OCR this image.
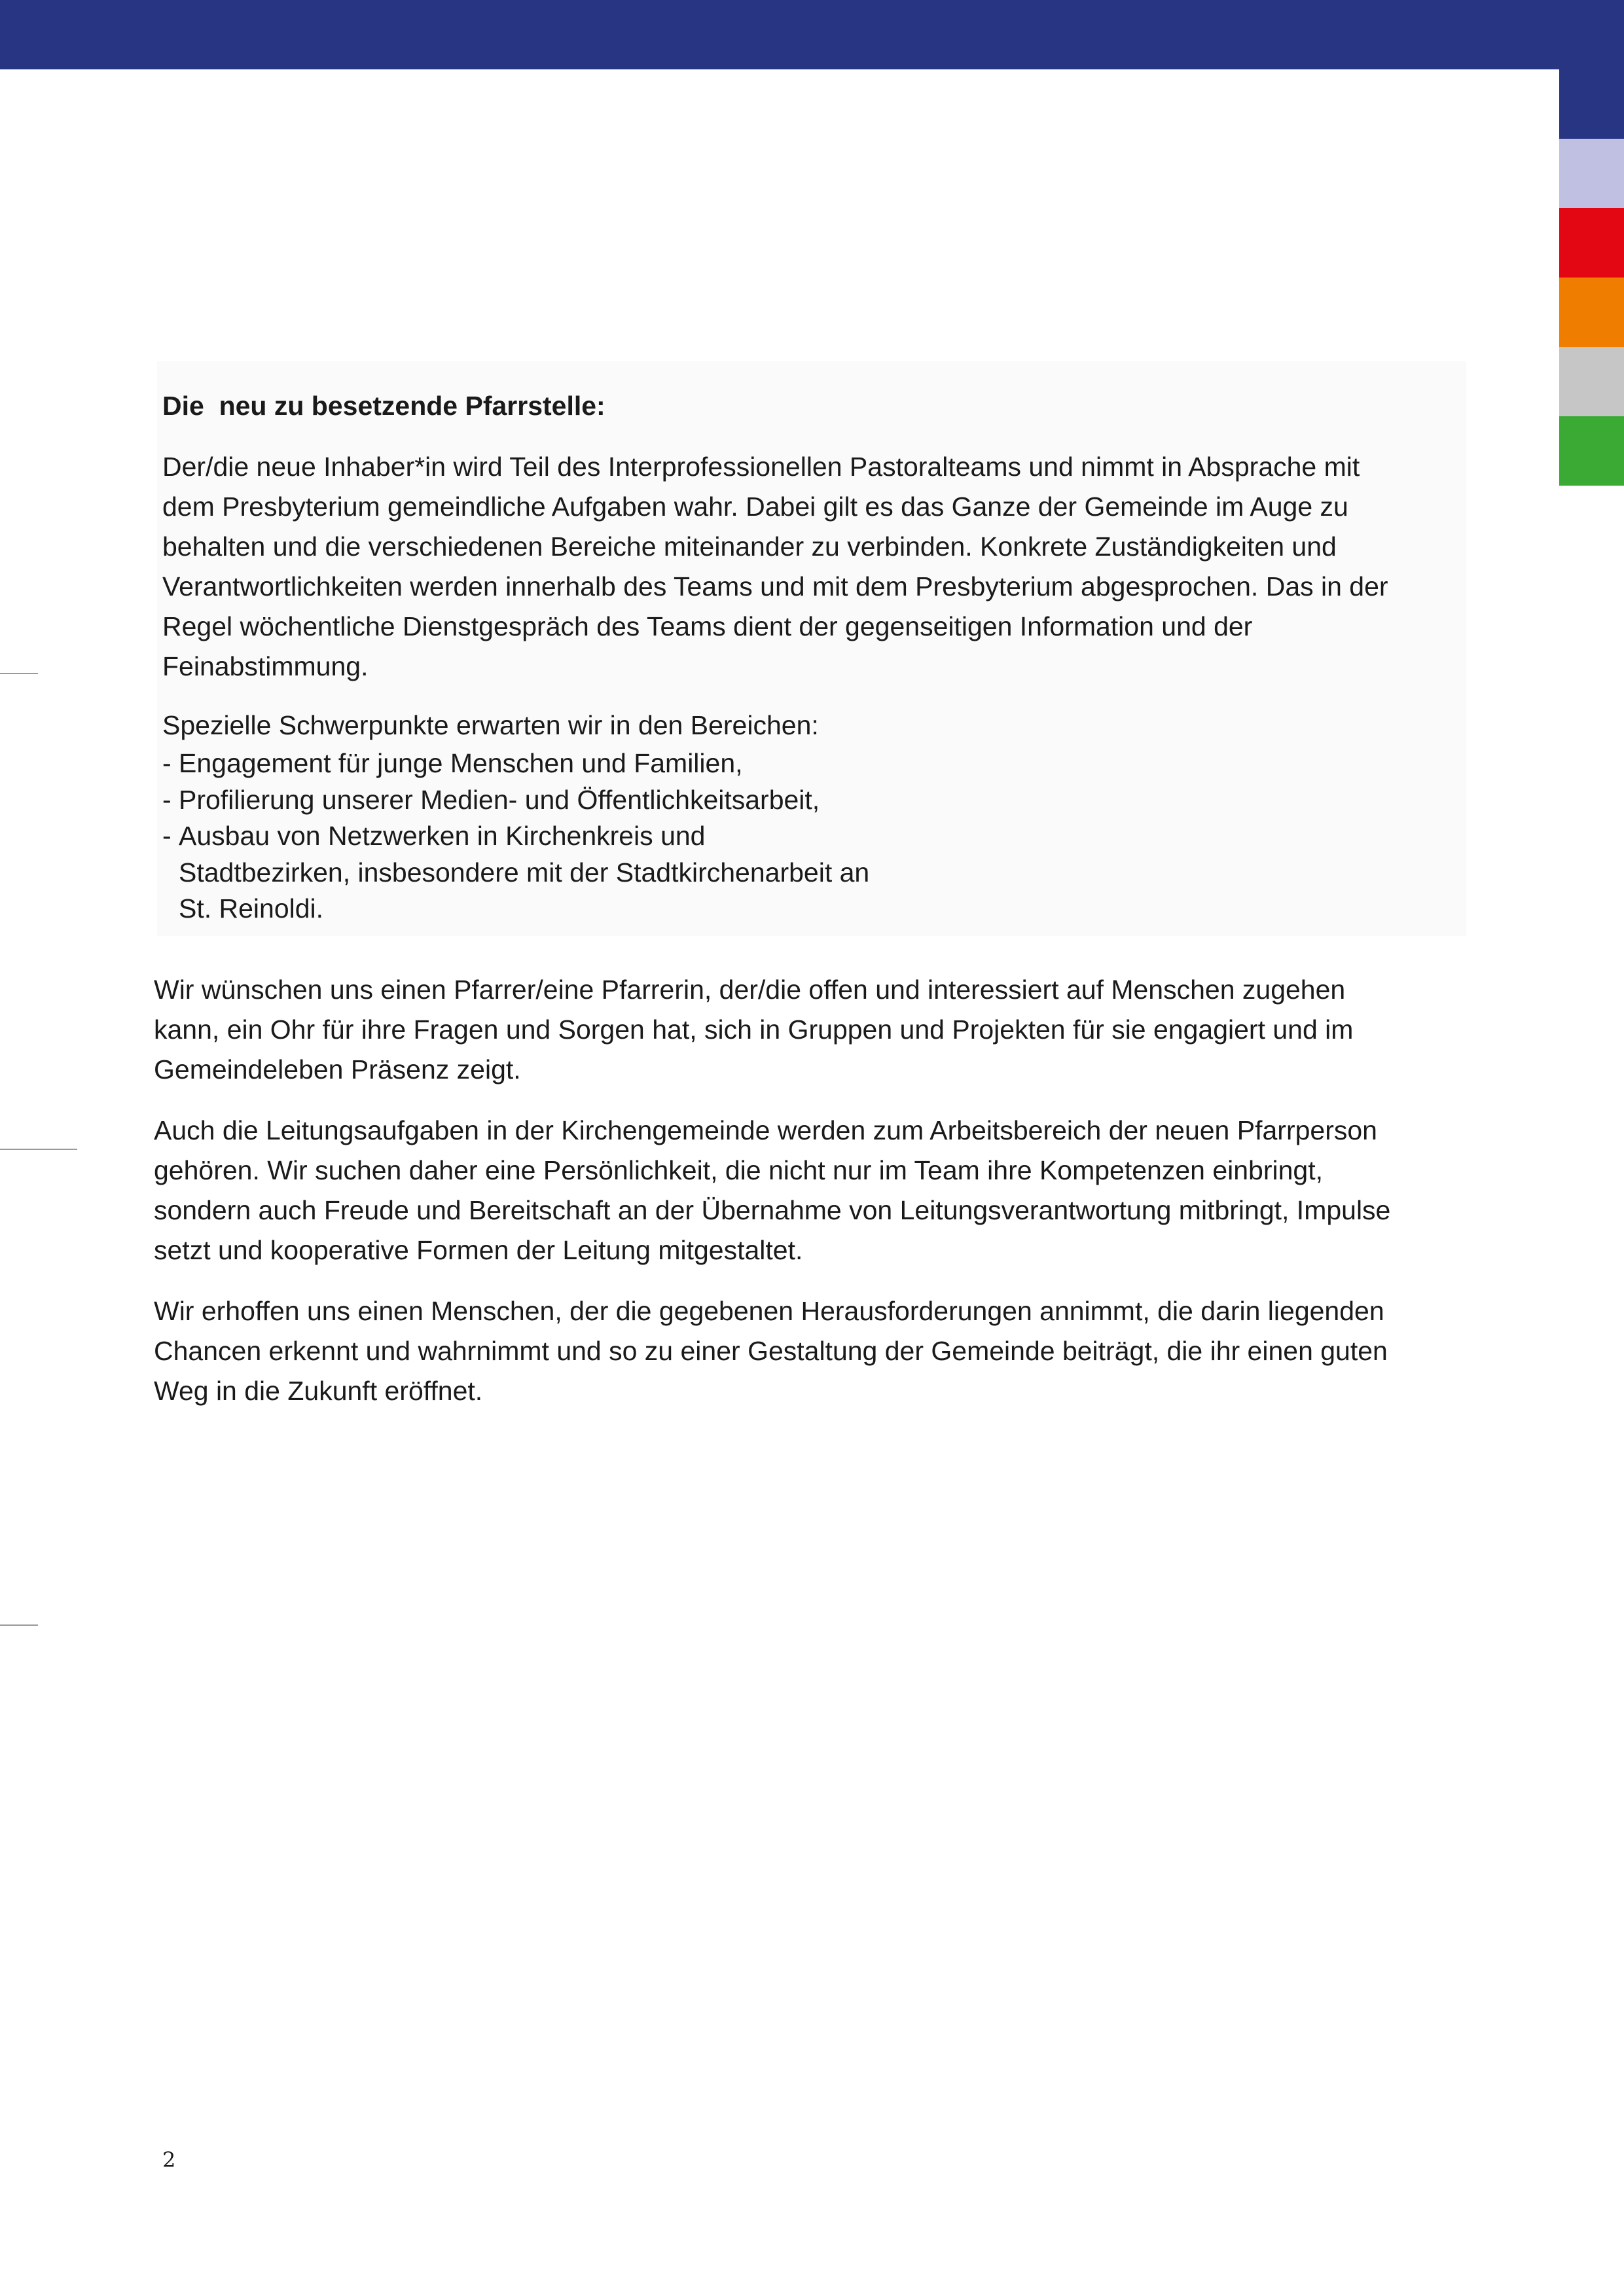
Die  neu zu besetzende Pfarrstelle:

Der/die neue Inhaber*in wird Teil des Interprofessionellen Pastoralteams und nimmt in Absprache mit
dem Presbyterium gemeindliche Aufgaben wahr. Dabei gilt es das Ganze der Gemeinde im Auge zu
behalten und die verschiedenen Bereiche miteinander zu verbinden. Konkrete Zuständigkeiten und
Verantwortlichkeiten werden innerhalb des Teams und mit dem Presbyterium abgesprochen. Das in der
Regel wöchentliche Dienstgespräch des Teams dient der gegenseitigen Information und der
Feinabstimmung.

Spezielle Schwerpunkte erwarten wir in den Bereichen:

- Engagement für junge Menschen und Familien,
- Profilierung unserer Medien- und Öffentlichkeitsarbeit,
- Ausbau von Netzwerken in Kirchenkreis und
Stadtbezirken, insbesondere mit der Stadtkirchenarbeit an
St. Reinoldi.

Wir wünschen uns einen Pfarrer/eine Pfarrerin, der/die offen und interessiert auf Menschen zugehen
kann, ein Ohr für ihre Fragen und Sorgen hat, sich in Gruppen und Projekten für sie engagiert und im
Gemeindeleben Präsenz zeigt.

Auch die Leitungsaufgaben in der Kirchengemeinde werden zum Arbeitsbereich der neuen Pfarrperson
gehören. Wir suchen daher eine Persönlichkeit, die nicht nur im Team ihre Kompetenzen einbringt,
sondern auch Freude und Bereitschaft an der Übernahme von Leitungsverantwortung mitbringt, Impulse
setzt und kooperative Formen der Leitung mitgestaltet.

Wir erhoffen uns einen Menschen, der die gegebenen Herausforderungen annimmt, die darin liegenden
Chancen erkennt und wahrnimmt und so zu einer Gestaltung der Gemeinde beiträgt, die ihr einen guten
Weg in die Zukunft eröffnet.

2
